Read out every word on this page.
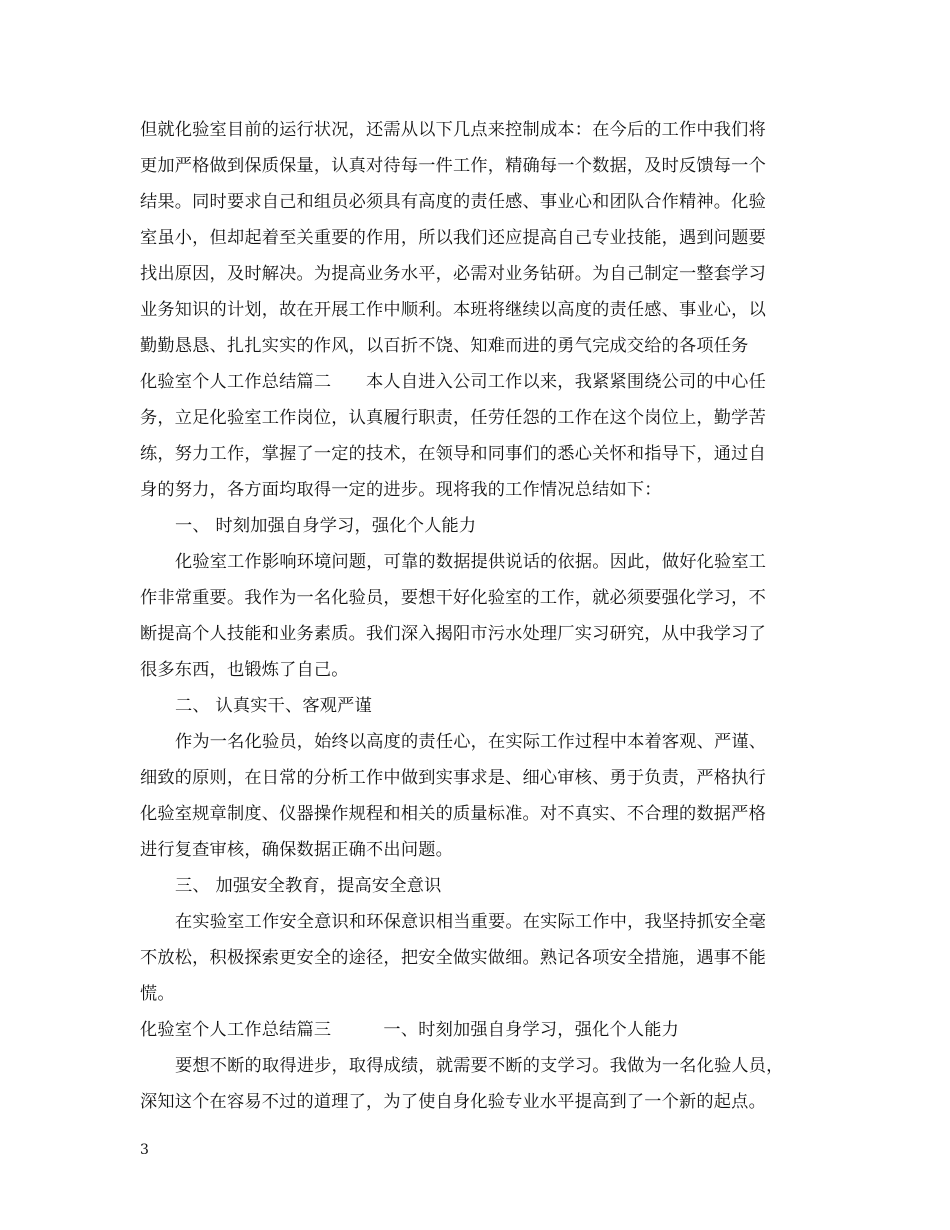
但就化验室目前的运行状况，还需从以下几点来控制成本：在今后的工作中我们将
更加严格做到保质保量，认真对待每一件工作，精确每一个数据，及时反馈每一个
结果。同时要求自己和组员必须具有高度的责任感、事业心和团队合作精神。化验
室虽小，但却起着至关重要的作用，所以我们还应提高自己专业技能，遇到问题要
找出原因，及时解决。为提高业务水平，必需对业务钻研。为自己制定一整套学习
业务知识的计划，故在开展工作中顺利。本班将继续以高度的责任感、事业心，以
勤勤恳恳、扎扎实实的作风，以百折不饶、知难而进的勇气完成交给的各项任务
化验室个人工作总结篇二　　本人自进入公司工作以来，我紧紧围绕公司的中心任
务，立足化验室工作岗位，认真履行职责，任劳任怨的工作在这个岗位上，勤学苦
练，努力工作，掌握了一定的技术，在领导和同事们的悉心关怀和指导下，通过自
身的努力，各方面均取得一定的进步。现将我的工作情况总结如下：
一、 时刻加强自身学习，强化个人能力
化验室工作影响环境问题，可靠的数据提供说话的依据。因此，做好化验室工
作非常重要。我作为一名化验员，要想干好化验室的工作，就必须要强化学习，不
断提高个人技能和业务素质。我们深入揭阳市污水处理厂实习研究，从中我学习了
很多东西，也锻炼了自己。
二、 认真实干、客观严谨
作为一名化验员，始终以高度的责任心，在实际工作过程中本着客观、严谨、
细致的原则，在日常的分析工作中做到实事求是、细心审核、勇于负责，严格执行
化验室规章制度、仪器操作规程和相关的质量标准。对不真实、不合理的数据严格
进行复查审核，确保数据正确不出问题。
三、 加强安全教育，提高安全意识
在实验室工作安全意识和环保意识相当重要。在实际工作中，我坚持抓安全毫
不放松，积极探索更安全的途径，把安全做实做细。熟记各项安全措施，遇事不能
慌。
化验室个人工作总结篇三　　　一、时刻加强自身学习，强化个人能力
要想不断的取得进步，取得成绩，就需要不断的支学习。我做为一名化验人员，
深知这个在容易不过的道理了，为了使自身化验专业水平提高到了一个新的起点。
3
